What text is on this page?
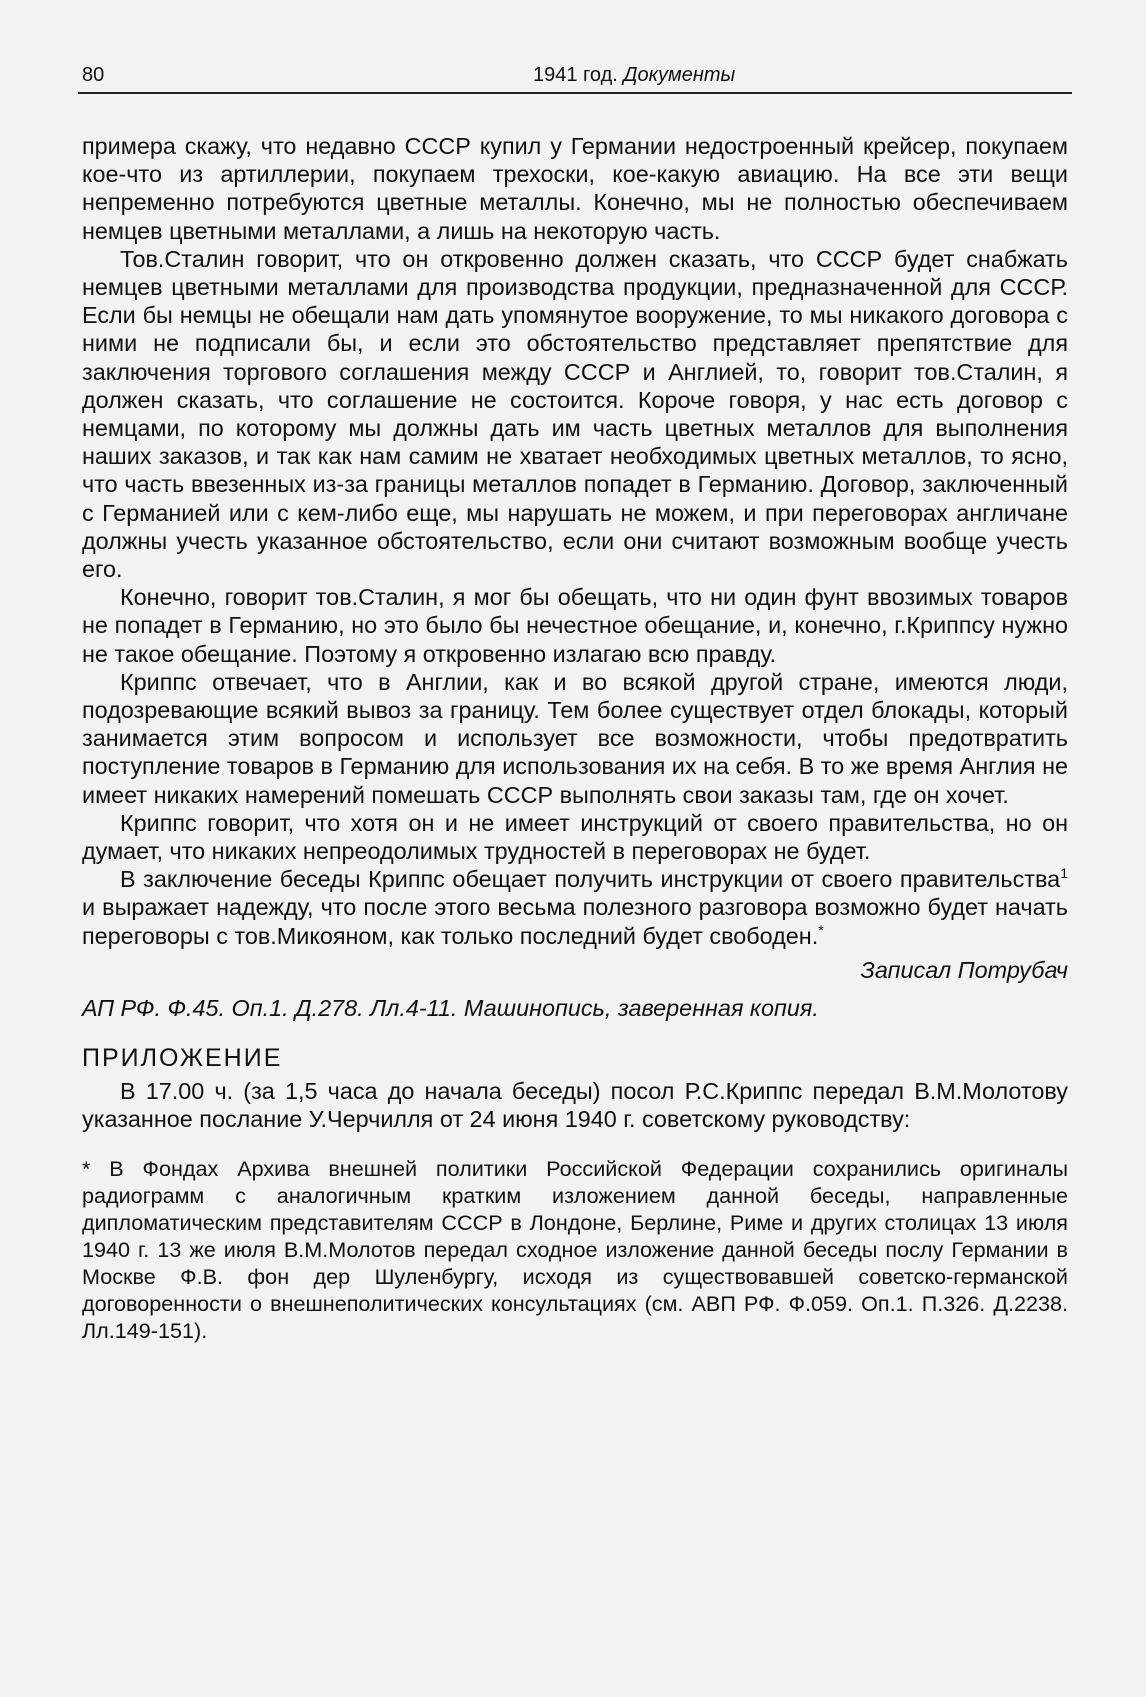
80	1941 год. Документы

примера скажу, что недавно СССР купил у Германии недостроенный крейсер, покупаем кое-что из артиллерии, покупаем трехоски, кое-какую авиацию. На все эти вещи непременно потребуются цветные металлы. Конечно, мы не полностью обеспечиваем немцев цветными металлами, а лишь на некоторую часть.

Тов.Сталин говорит, что он откровенно должен сказать, что СССР будет снабжать немцев цветными металлами для производства продукции, предназначенной для СССР. Если бы немцы не обещали нам дать упомянутое вооружение, то мы никакого договора с ними не подписали бы, и если это обстоятельство представляет препятствие для заключения торгового соглашения между СССР и Англией, то, говорит тов.Сталин, я должен сказать, что соглашение не состоится. Короче говоря, у нас есть договор с немцами, по которому мы должны дать им часть цветных металлов для выполнения наших заказов, и так как нам самим не хватает необходимых цветных металлов, то ясно, что часть ввезенных из-за границы металлов попадет в Германию. Договор, заключенный с Германией или с кем-либо еще, мы нарушать не можем, и при переговорах англичане должны учесть указанное обстоятельство, если они считают возможным вообще учесть его.

Конечно, говорит тов.Сталин, я мог бы обещать, что ни один фунт ввозимых товаров не попадет в Германию, но это было бы нечестное обещание, и, конечно, г.Криппсу нужно не такое обещание. Поэтому я откровенно излагаю всю правду.

Криппс отвечает, что в Англии, как и во всякой другой стране, имеются люди, подозревающие всякий вывоз за границу. Тем более существует отдел блокады, который занимается этим вопросом и использует все возможности, чтобы предотвратить поступление товаров в Германию для использования их на себя. В то же время Англия не имеет никаких намерений помешать СССР выполнять свои заказы там, где он хочет.

Криппс говорит, что хотя он и не имеет инструкций от своего правительства, но он думает, что никаких непреодолимых трудностей в переговорах не будет.

В заключение беседы Криппс обещает получить инструкции от своего правительства$^1$ и выражает надежду, что после этого весьма полезного разговора возможно будет начать переговоры с тов.Микояном, как только последний будет свободен.*

Записал Потрубач

АП РФ. Ф.45. Оп.1. Д.278. Лл.4-11. Машинопись, заверенная копия.

ПРИЛОЖЕНИЕ

В 17.00 ч. (за 1,5 часа до начала беседы) посол Р.С.Криппс передал В.М.Молотову указанное послание У.Черчилля от 24 июня 1940 г. советскому руководству:

* В Фондах Архива внешней политики Российской Федерации сохранились оригиналы радиограмм с аналогичным кратким изложением данной беседы, направленные дипломатическим представителям СССР в Лондоне, Берлине, Риме и других столицах 13 июля 1940 г. 13 же июля В.М.Молотов передал сходное изложение данной беседы послу Германии в Москве Ф.В. фон дер Шуленбургу, исходя из существовавшей советско-германской договоренности о внешнеполитических консультациях (см. АВП РФ. Ф.059. Оп.1. П.326. Д.2238. Лл.149-151).
